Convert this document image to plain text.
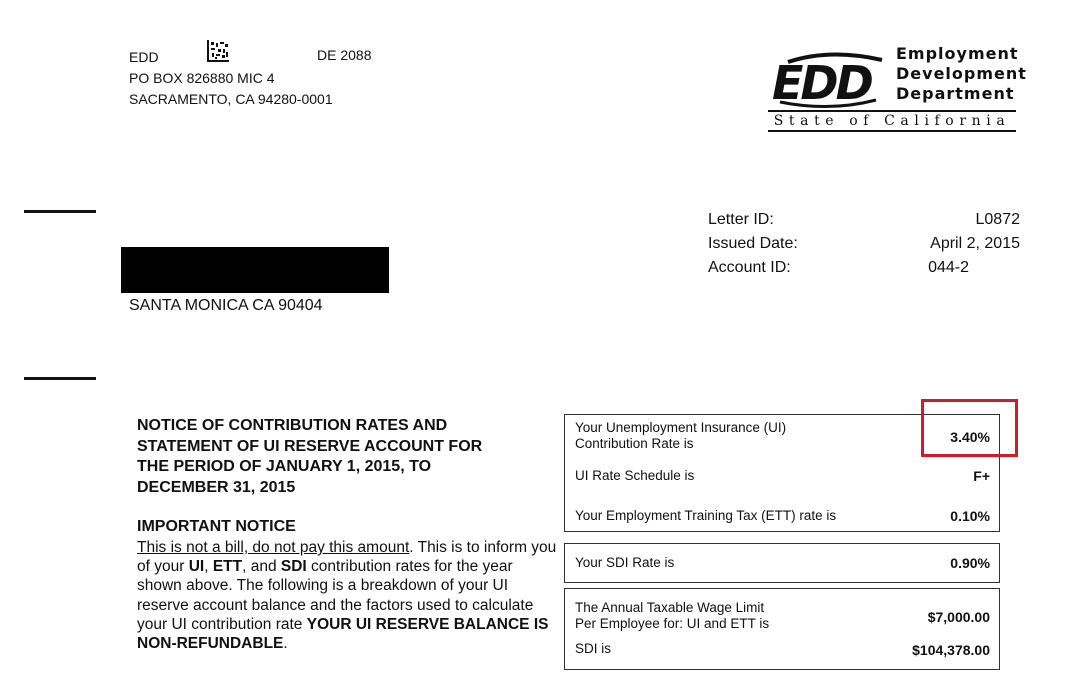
EDD
PO BOX 826880 MIC 4
SACRAMENTO, CA 94280-0001
DE 2088
EDD
Employment
Development
Department
State of California
Letter ID:	L0872
Issued Date:	April 2, 2015
Account ID:	044-2
SANTA MONICA CA 90404
NOTICE OF CONTRIBUTION RATES AND
STATEMENT OF UI RESERVE ACCOUNT FOR
THE PERIOD OF JANUARY 1, 2015, TO
DECEMBER 31, 2015
IMPORTANT NOTICE
This is not a bill, do not pay this amount. This is to inform you of your UI, ETT, and SDI contribution rates for the year shown above. The following is a breakdown of your UI reserve account balance and the factors used to calculate your UI contribution rate YOUR UI RESERVE BALANCE IS NON-REFUNDABLE.
Your Unemployment Insurance (UI)
Contribution Rate is	3.40%
UI Rate Schedule is	F+
Your Employment Training Tax (ETT) rate is	0.10%
Your SDI Rate is	0.90%
The Annual Taxable Wage Limit
Per Employee for: UI and ETT is	$7,000.00
SDI is	$104,378.00
